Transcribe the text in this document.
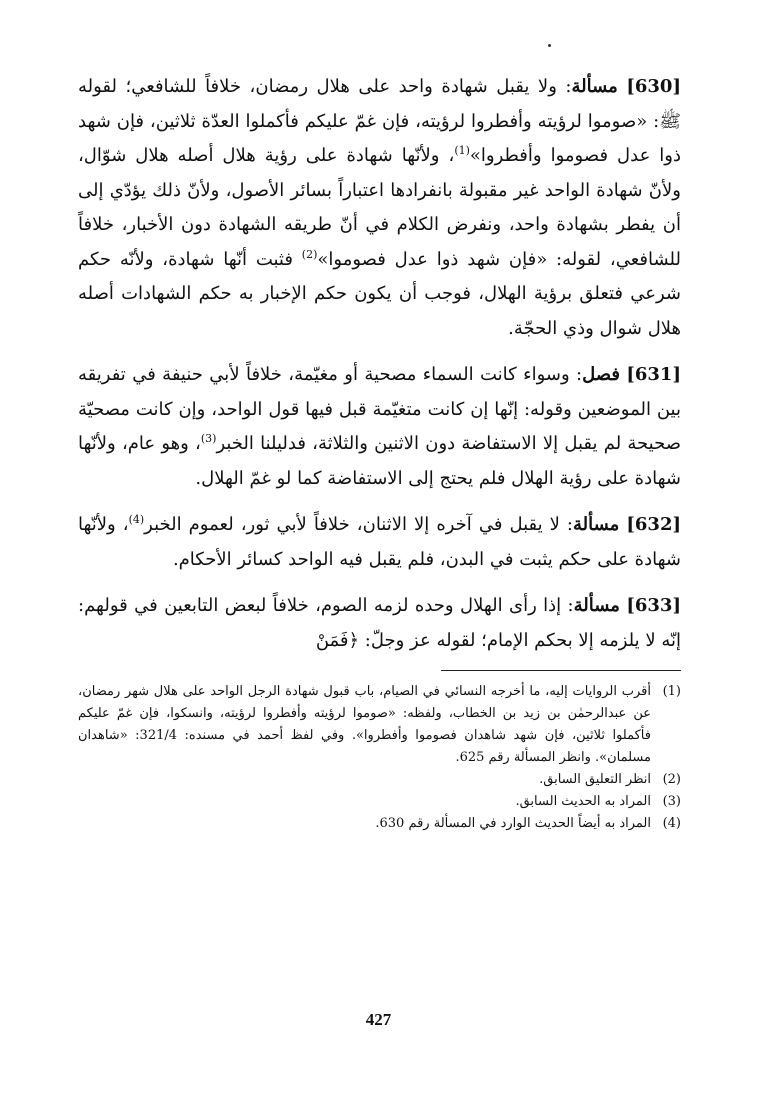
[630] مسألة: ولا يقبل شهادة واحد على هلال رمضان، خلافاً للشافعي؛ لقوله ﷺ: «صوموا لرؤيته وأفطروا لرؤيته، فإن غمّ عليكم فأكملوا العدّة ثلاثين، فإن شهد ذوا عدل فصوموا وأفطروا»$^{(1)}$، ولأنّها شهادة على رؤية هلال أصله هلال شوّال، ولأنّ شهادة الواحد غير مقبولة بانفرادها اعتباراً بسائر الأصول، ولأنّ ذلك يؤدّي إلى أن يفطر بشهادة واحد، ونفرض الكلام في أنّ طريقه الشهادة دون الأخبار، خلافاً للشافعي، لقوله: «فإن شهد ذوا عدل فصوموا»$^{(2)}$ فثبت أنّها شهادة، ولأنّه حكم شرعي فتعلق برؤية الهلال، فوجب أن يكون حكم الإخبار به حكم الشهادات أصله هلال شوال وذي الحجّة.

[631] فصل: وسواء كانت السماء مصحية أو مغيّمة، خلافاً لأبي حنيفة في تفريقه بين الموضعين وقوله: إنّها إن كانت متغيّمة قبل فيها قول الواحد، وإن كانت مصحيّة صحيحة لم يقبل إلا الاستفاضة دون الاثنين والثلاثة، فدليلنا الخبر$^{(3)}$، وهو عام، ولأنّها شهادة على رؤية الهلال فلم يحتج إلى الاستفاضة كما لو غمّ الهلال.

[632] مسألة: لا يقبل في آخره إلا الاثنان، خلافاً لأبي ثور، لعموم الخبر$^{(4)}$، ولأنّها شهادة على حكم يثبت في البدن، فلم يقبل فيه الواحد كسائر الأحكام.

[633] مسألة: إذا رأى الهلال وحده لزمه الصوم، خلافاً لبعض التابعين في قولهم: إنّه لا يلزمه إلا بحكم الإمام؛ لقوله عز وجلّ: ﴿فَمَنْ

(1)
أقرب الروايات إليه، ما أخرجه النسائي في الصيام، باب قبول شهادة الرجل الواحد على هلال شهر رمضان، عن عبدالرحمٰن بن زيد بن الخطاب، ولفظه: «صوموا لرؤيته وأفطروا لرؤيته، وانسكوا، فإن غمّ عليكم فأكملوا ثلاثين، فإن شهد شاهدان فصوموا وأفطروا». وفي لفظ أحمد في مسنده: 321/4: «شاهدان مسلمان». وانظر المسألة رقم 625.
(2)
انظر التعليق السابق.
(3)
المراد به الحديث السابق.
(4)
المراد به أيضاً الحديث الوارد في المسألة رقم 630.
427
